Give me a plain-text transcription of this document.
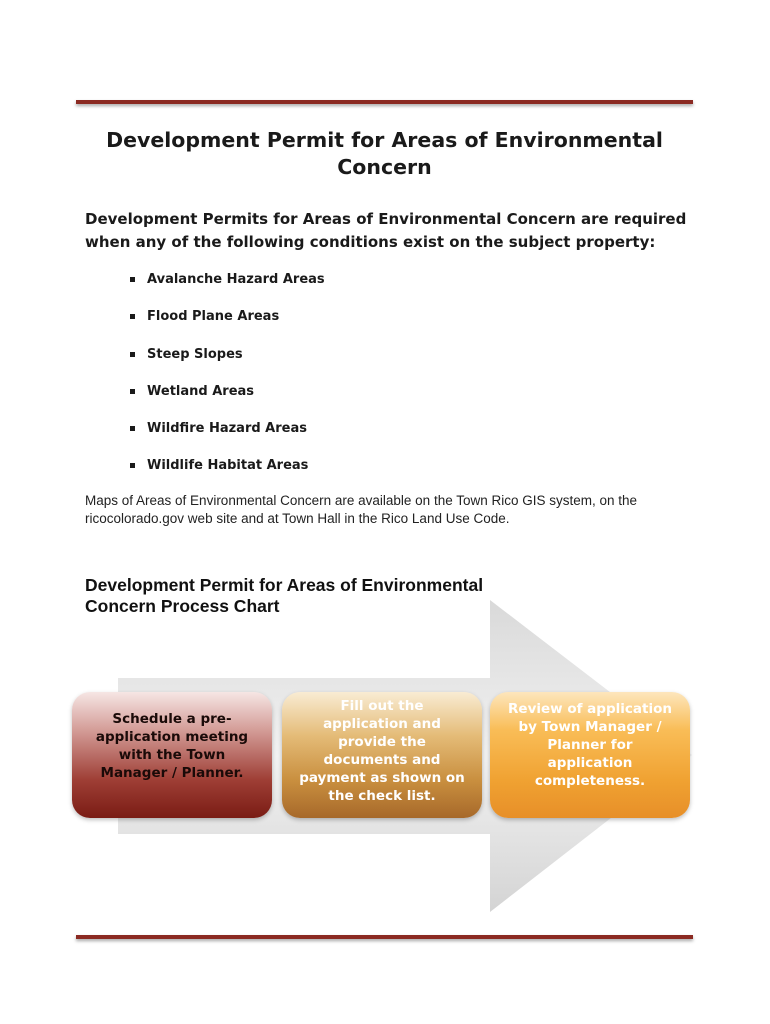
Development Permit for Areas of Environmental Concern

Development Permits for Areas of Environmental Concern are required when any of the following conditions exist on the subject property:

Avalanche Hazard Areas
Flood Plane Areas
Steep Slopes
Wetland Areas
Wildfire Hazard Areas
Wildlife Habitat Areas

Maps of Areas of Environmental Concern are available on the Town Rico GIS system, on the ricocolorado.gov web site and at Town Hall in the Rico Land Use Code.

Development Permit for Areas of Environmental Concern Process Chart
Schedule a pre-application meeting with the Town Manager / Planner.
Fill out the application and provide the documents and payment as shown on the check list.
Review of application by Town Manager / Planner for application completeness.
